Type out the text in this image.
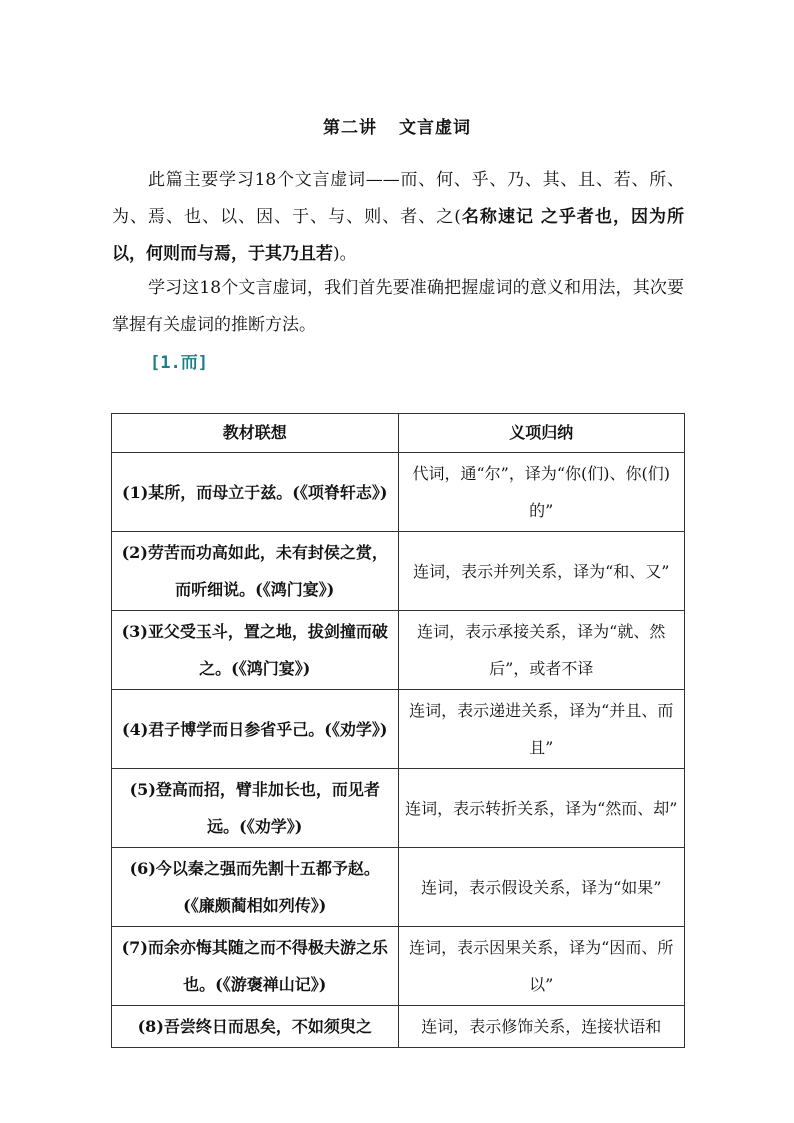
第二讲 文言虚词
此篇主要学习18个文言虚词——而、何、乎、乃、其、且、若、所、为、焉、也、以、因、于、与、则、者、之(名称速记 之乎者也，因为所以，何则而与焉，于其乃且若)。
学习这18个文言虚词，我们首先要准确把握虚词的意义和用法，其次要掌握有关虚词的推断方法。
[1.而]
教材联想	义项归纳
(1)某所，而母立于兹。(《项脊轩志》)	代词，通“尔”，译为“你(们)、你(们)的”
(2)劳苦而功高如此，未有封侯之赏，而听细说。(《鸿门宴》)	连词，表示并列关系，译为“和、又”
(3)亚父受玉斗，置之地，拔剑撞而破之。(《鸿门宴》)	连词，表示承接关系，译为“就、然后”，或者不译
(4)君子博学而日参省乎己。(《劝学》)	连词，表示递进关系，译为“并且、而且”
(5)登高而招，臂非加长也，而见者远。(《劝学》)	连词，表示转折关系，译为“然而、却”
(6)今以秦之强而先割十五都予赵。(《廉颇蔺相如列传》)	连词，表示假设关系，译为“如果”
(7)而余亦悔其随之而不得极夫游之乐也。(《游褒禅山记》)	连词，表示因果关系，译为“因而、所以”
(8)吾尝终日而思矣，不如须臾之	连词，表示修饰关系，连接状语和
